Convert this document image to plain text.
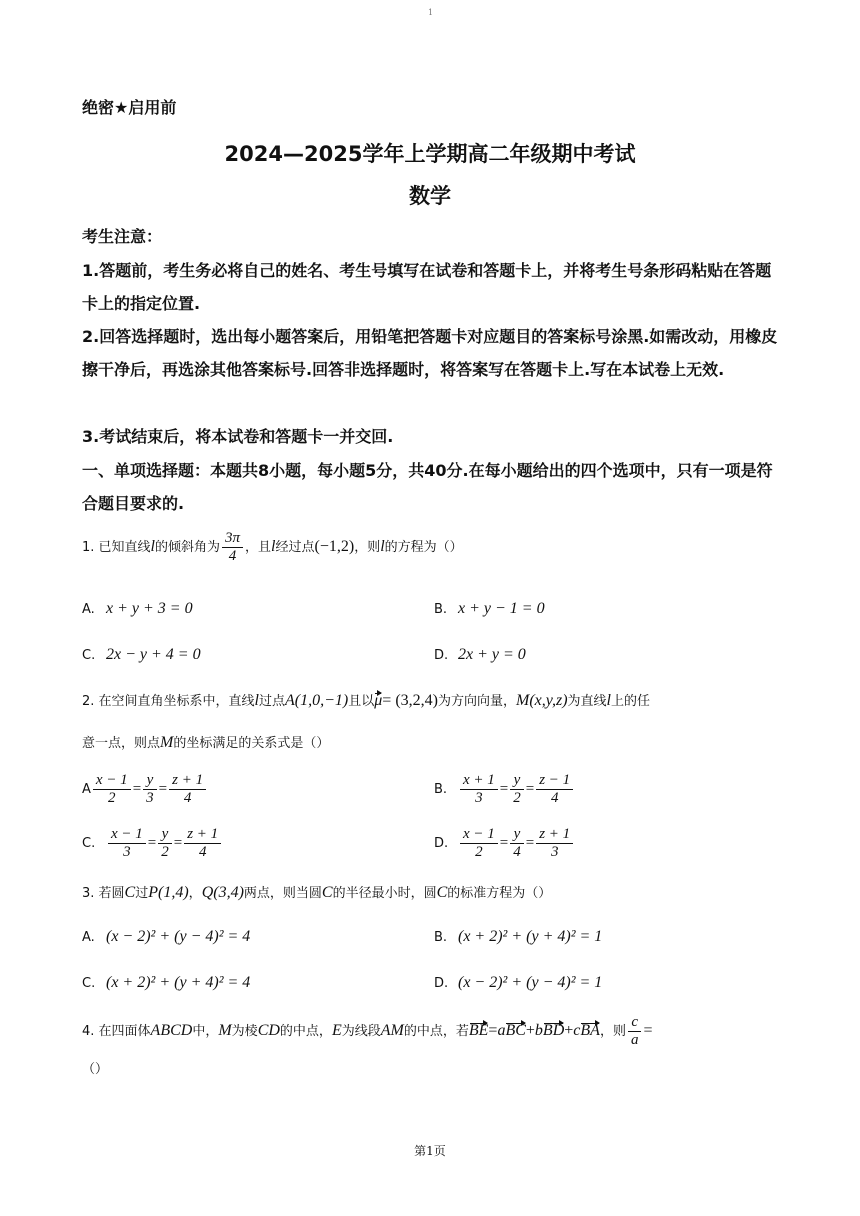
1
绝密★启用前
2024—2025学年上学期高二年级期中考试
数学
考生注意：
1.答题前，考生务必将自己的姓名、考生号填写在试卷和答题卡上，并将考生号条形码粘贴在答题卡上的指定位置.
2.回答选择题时，选出每小题答案后，用铅笔把答题卡对应题目的答案标号涂黑.如需改动，用橡皮擦干净后，再选涂其他答案标号.回答非选择题时，将答案写在答题卡上.写在本试卷上无效.
3.考试结束后，将本试卷和答题卡一并交回.
一、单项选择题：本题共8小题，每小题5分，共40分.在每小题给出的四个选项中，只有一项是符合题目要求的.
1. 已知直线l的倾斜角为 $\frac{3\pi}{4}$ ，且l经过点(−1,2)，则l的方程为（）
A. x + y + 3 = 0	B. x + y − 1 = 0
C. 2x − y + 4 = 0	D. 2x + y = 0
2. 在空间直角坐标系中，直线l过点A(1,0,−1)且以μ= (3,2,4)为方向向量，M(x,y,z)为直线l上的任
意一点，则点M的坐标满足的关系式是（）
A $\frac{x - 1}{2} = \frac{y}{3} = \frac{z + 1}{4}$	B. $\frac{x + 1}{3} = \frac{y}{2} = \frac{z - 1}{4}$
C. $\frac{x - 1}{3} = \frac{y}{2} = \frac{z + 1}{4}$	D. $\frac{x - 1}{2} = \frac{y}{4} = \frac{z + 1}{3}$
3. 若圆C过P(1,4)，Q(3,4)两点，则当圆C的半径最小时，圆C的标准方程为（）
A. (x − 2)² + (y − 4)² = 4	B. (x + 2)² + (y + 4)² = 1
C. (x + 2)² + (y + 4)² = 4	D. (x − 2)² + (y − 4)² = 1
4. 在四面体ABCD中，M为棱CD的中点，E为线段AM的中点，若BE=aBC+bBD+cBA，则 $\frac{c}{a}$ =
（）
第1页
